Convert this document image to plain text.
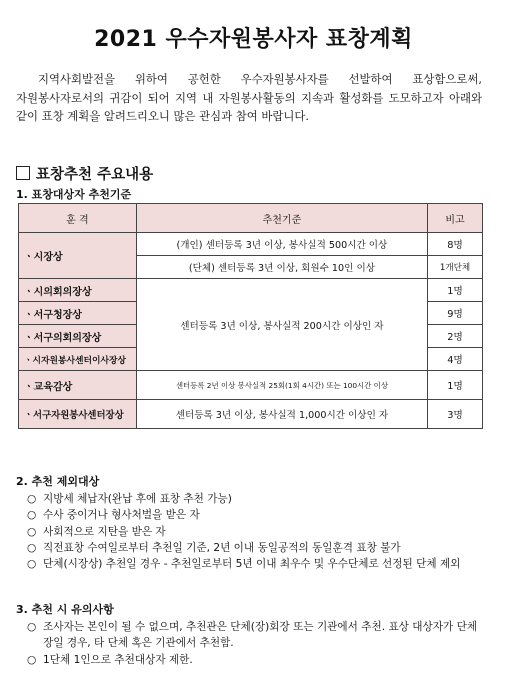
2021 우수자원봉사자 표창계획
지역사회발전을 위하여 공헌한 우수자원봉사자를 선발하여 표상함으로써, 자원봉사자로서의 귀감이 되어 지역 내 자원봉사활동의 지속과 활성화를 도모하고자 아래와 같이 표창 계획을 알려드리오니 많은 관심과 참여 바랍니다.
표창추천 주요내용
1. 표창대상자 추천기준
훈 격	추천기준	비고
ㆍ시장상	(개인) 센터등록 3년 이상, 봉사실적 500시간 이상	8명
	(단체) 센터등록 3년 이상, 회원수 10인 이상	1개단체
ㆍ시의회의장상	센터등록 3년 이상, 봉사실적 200시간 이상인 자	1명
ㆍ서구청장상		9명
ㆍ서구의회의장상		2명
ㆍ시자원봉사센터이사장상		4명
ㆍ교육감상	센터등록 2년 이상 봉사실적 25회(1회 4시간) 또는 100시간 이상	1명
ㆍ서구자원봉사센터장상	센터등록 3년 이상, 봉사실적 1,000시간 이상인 자	3명
2. 추천 제외대상
○ 지방세 체납자(완납 후에 표창 추천 가능)
○ 수사 중이거나 형사처벌을 받은 자
○ 사회적으로 지탄을 받은 자
○ 직전표창 수여일로부터 추천일 기준, 2년 이내 동일공적의 동일훈격 표창 불가
○ 단체(시장상) 추천일 경우 - 추천일로부터 5년 이내 최우수 및 우수단체로 선정된 단체 제외
3. 추천 시 유의사항
○ 조사자는 본인이 될 수 없으며, 추천관은 단체(장)회장 또는 기관에서 추천. 표상 대상자가 단체장일 경우, 타 단체 혹은 기관에서 추천함.
○ 1단체 1인으로 추천대상자 제한.
